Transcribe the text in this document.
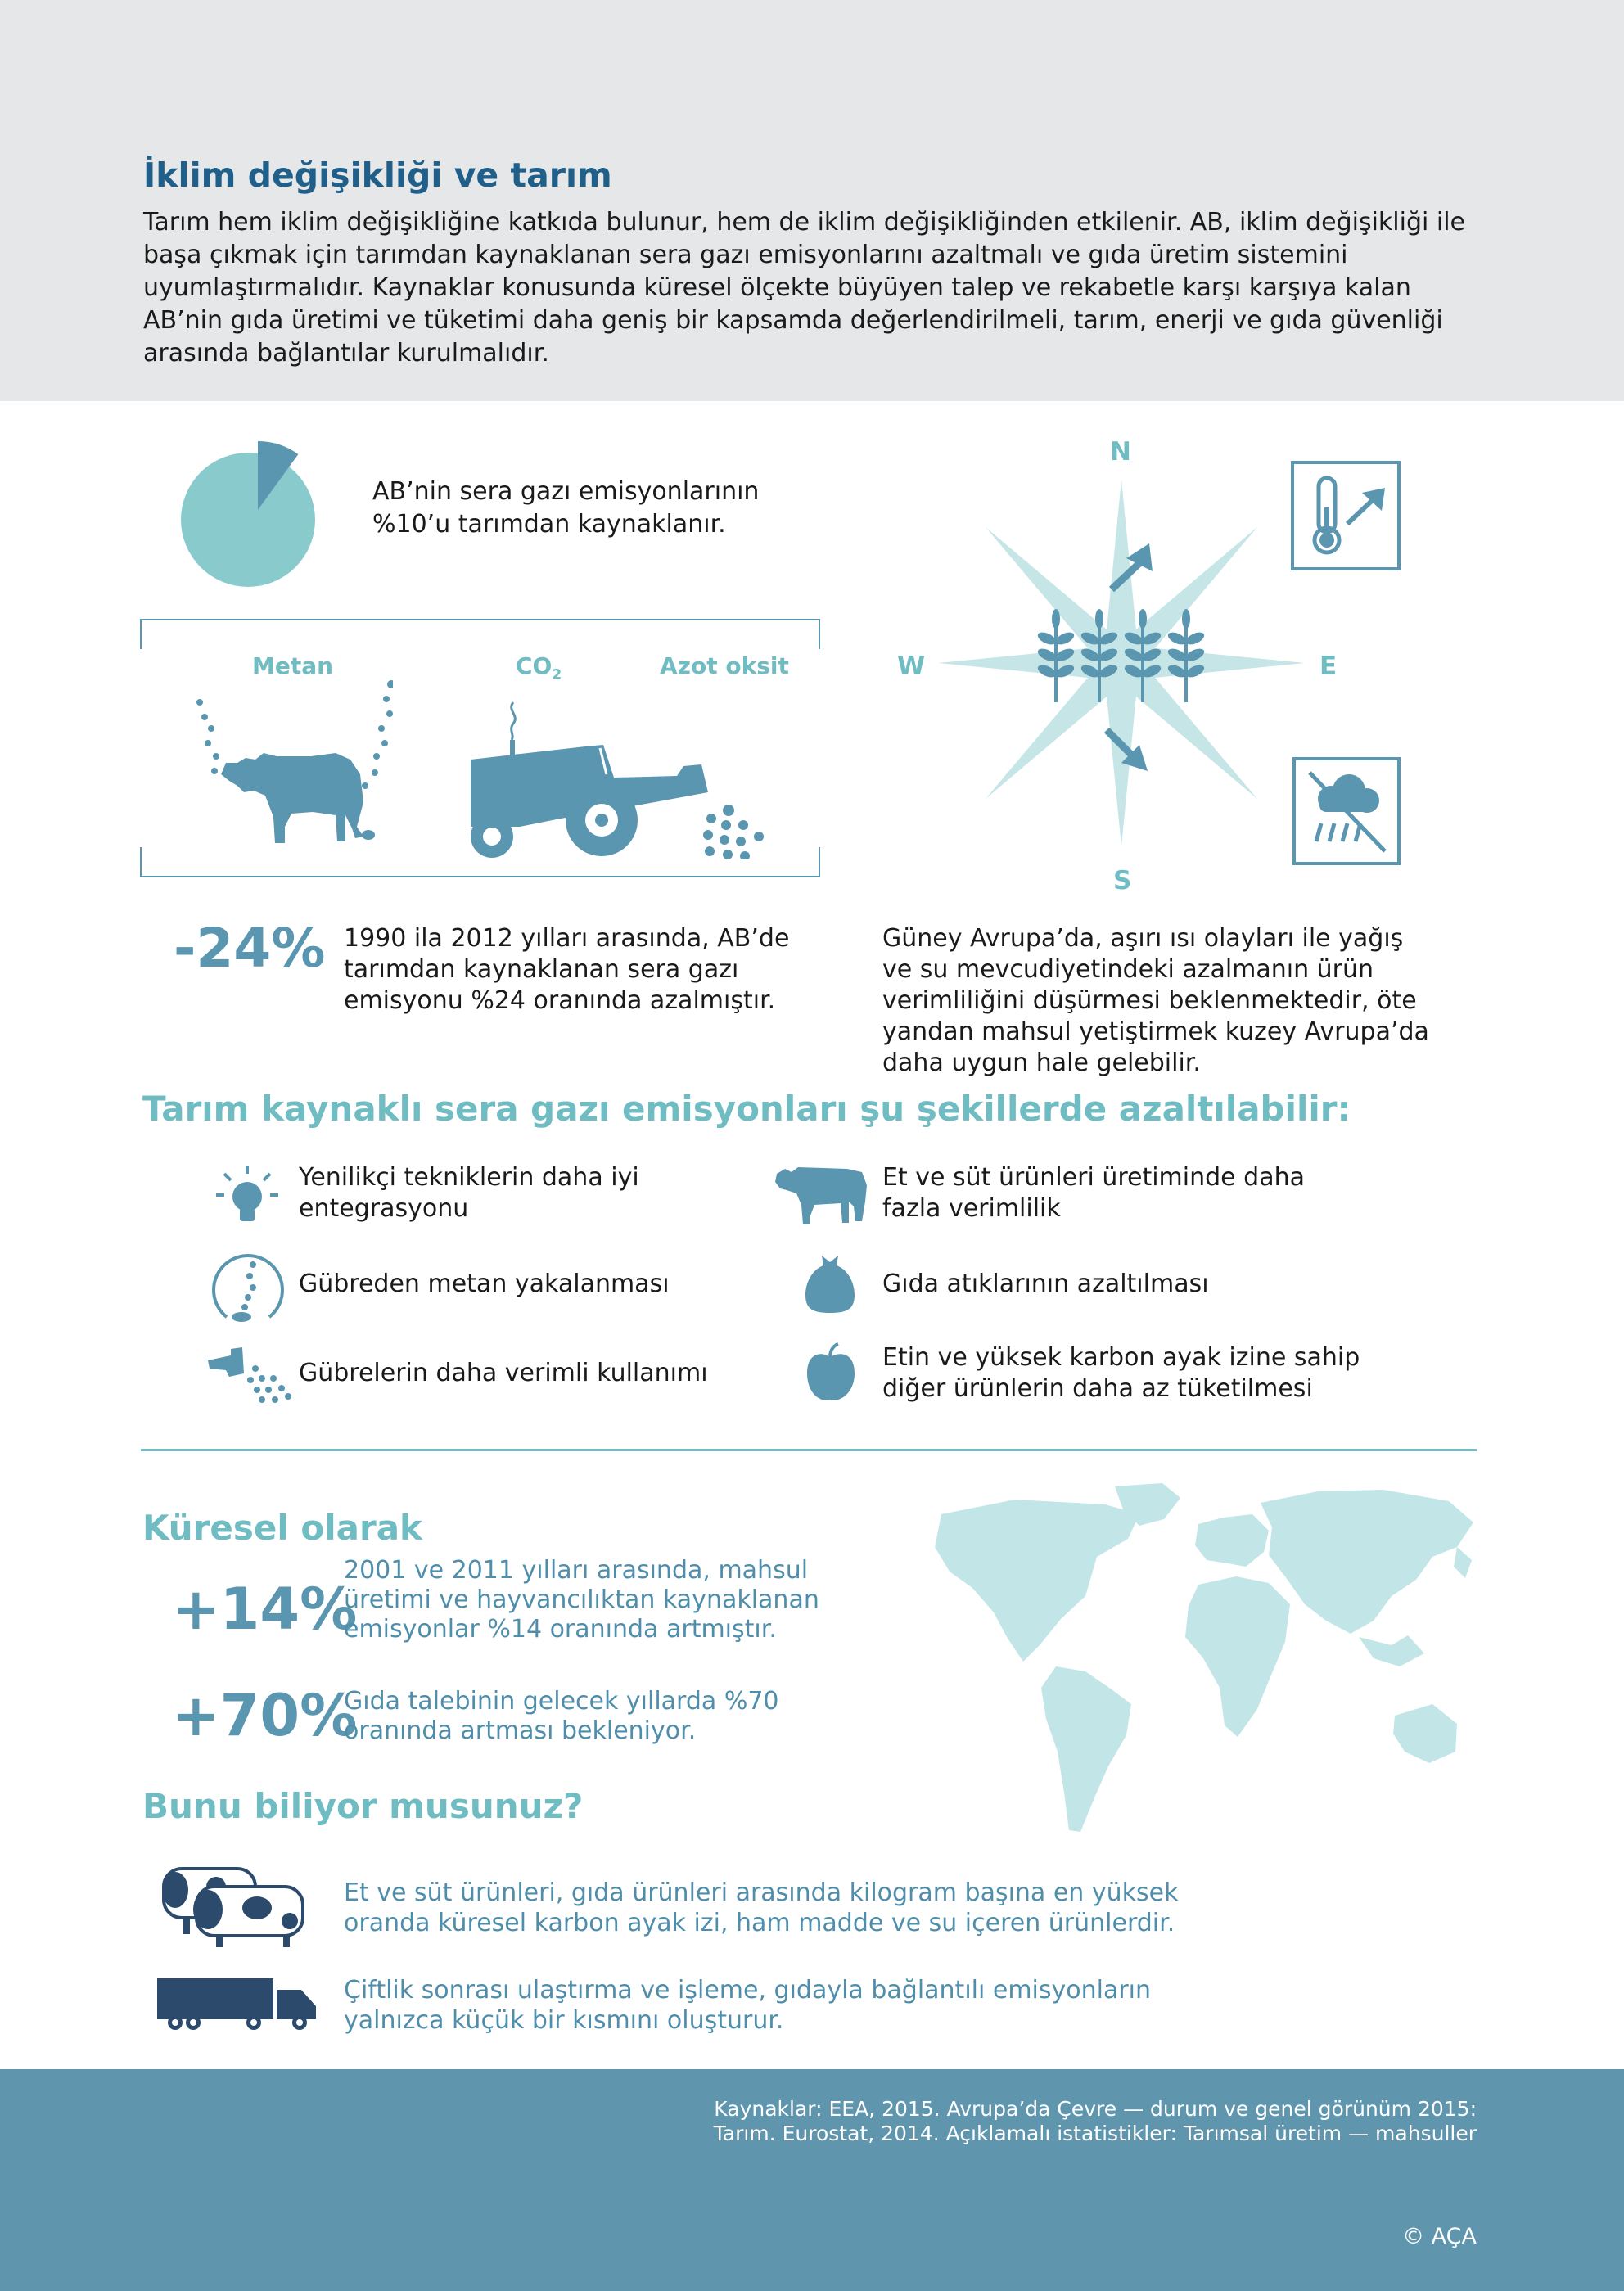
İklim değişikliği ve tarım

Tarım hem iklim değişikliğine katkıda bulunur, hem de iklim değişikliğinden etkilenir. AB, iklim değişikliği ile başa çıkmak için tarımdan kaynaklanan sera gazı emisyonlarını azaltmalı ve gıda üretim sistemini uyumlaştırmalıdır. Kaynaklar konusunda küresel ölçekte büyüyen talep ve rekabetle karşı karşıya kalan AB’nin gıda üretimi ve tüketimi daha geniş bir kapsamda değerlendirilmeli, tarım, enerji ve gıda güvenliği arasında bağlantılar kurulmalıdır.

AB’nin sera gazı emisyonlarının
%10’u tarımdan kaynaklanır.
Metan	$CO_2$	Azot oksit
-24% 1990 ila 2012 yılları arasında, AB’de
tarımdan kaynaklanan sera gazı
emisyonu %24 oranında azalmıştır.
N
S
W	E
Güney Avrupa’da, aşırı ısı olayları ile yağış
ve su mevcudiyetindeki azalmanın ürün
verimliliğini düşürmesi beklenmektedir, öte
yandan mahsul yetiştirmek kuzey Avrupa’da
daha uygun hale gelebilir.
Tarım kaynaklı sera gazı emisyonları şu şekillerde azaltılabilir:
Yenilikçi tekniklerin daha iyi
entegrasyonu
Et ve süt ürünleri üretiminde daha
fazla verimlilik
Gübreden metan yakalanması	Gıda atıklarının azaltılması
Gübrelerin daha verimli kullanımı
Etin ve yüksek karbon ayak izine sahip
diğer ürünlerin daha az tüketilmesi
Küresel olarak
+14%
2001 ve 2011 yılları arasında, mahsul
üretimi ve hayvancılıktan kaynaklanan
emisyonlar %14 oranında artmıştır.
+70%
Gıda talebinin gelecek yıllarda %70
oranında artması bekleniyor.
Bunu biliyor musunuz?
Et ve süt ürünleri, gıda ürünleri arasında kilogram başına en yüksek
oranda küresel karbon ayak izi, ham madde ve su içeren ürünlerdir.
Çiftlik sonrası ulaştırma ve işleme, gıdayla bağlantılı emisyonların
yalnızca küçük bir kısmını oluşturur.
Kaynaklar: EEA, 2015. Avrupa’da Çevre — durum ve genel görünüm 2015:
Tarım. Eurostat, 2014. Açıklamalı istatistikler: Tarımsal üretim — mahsuller
© AÇA
